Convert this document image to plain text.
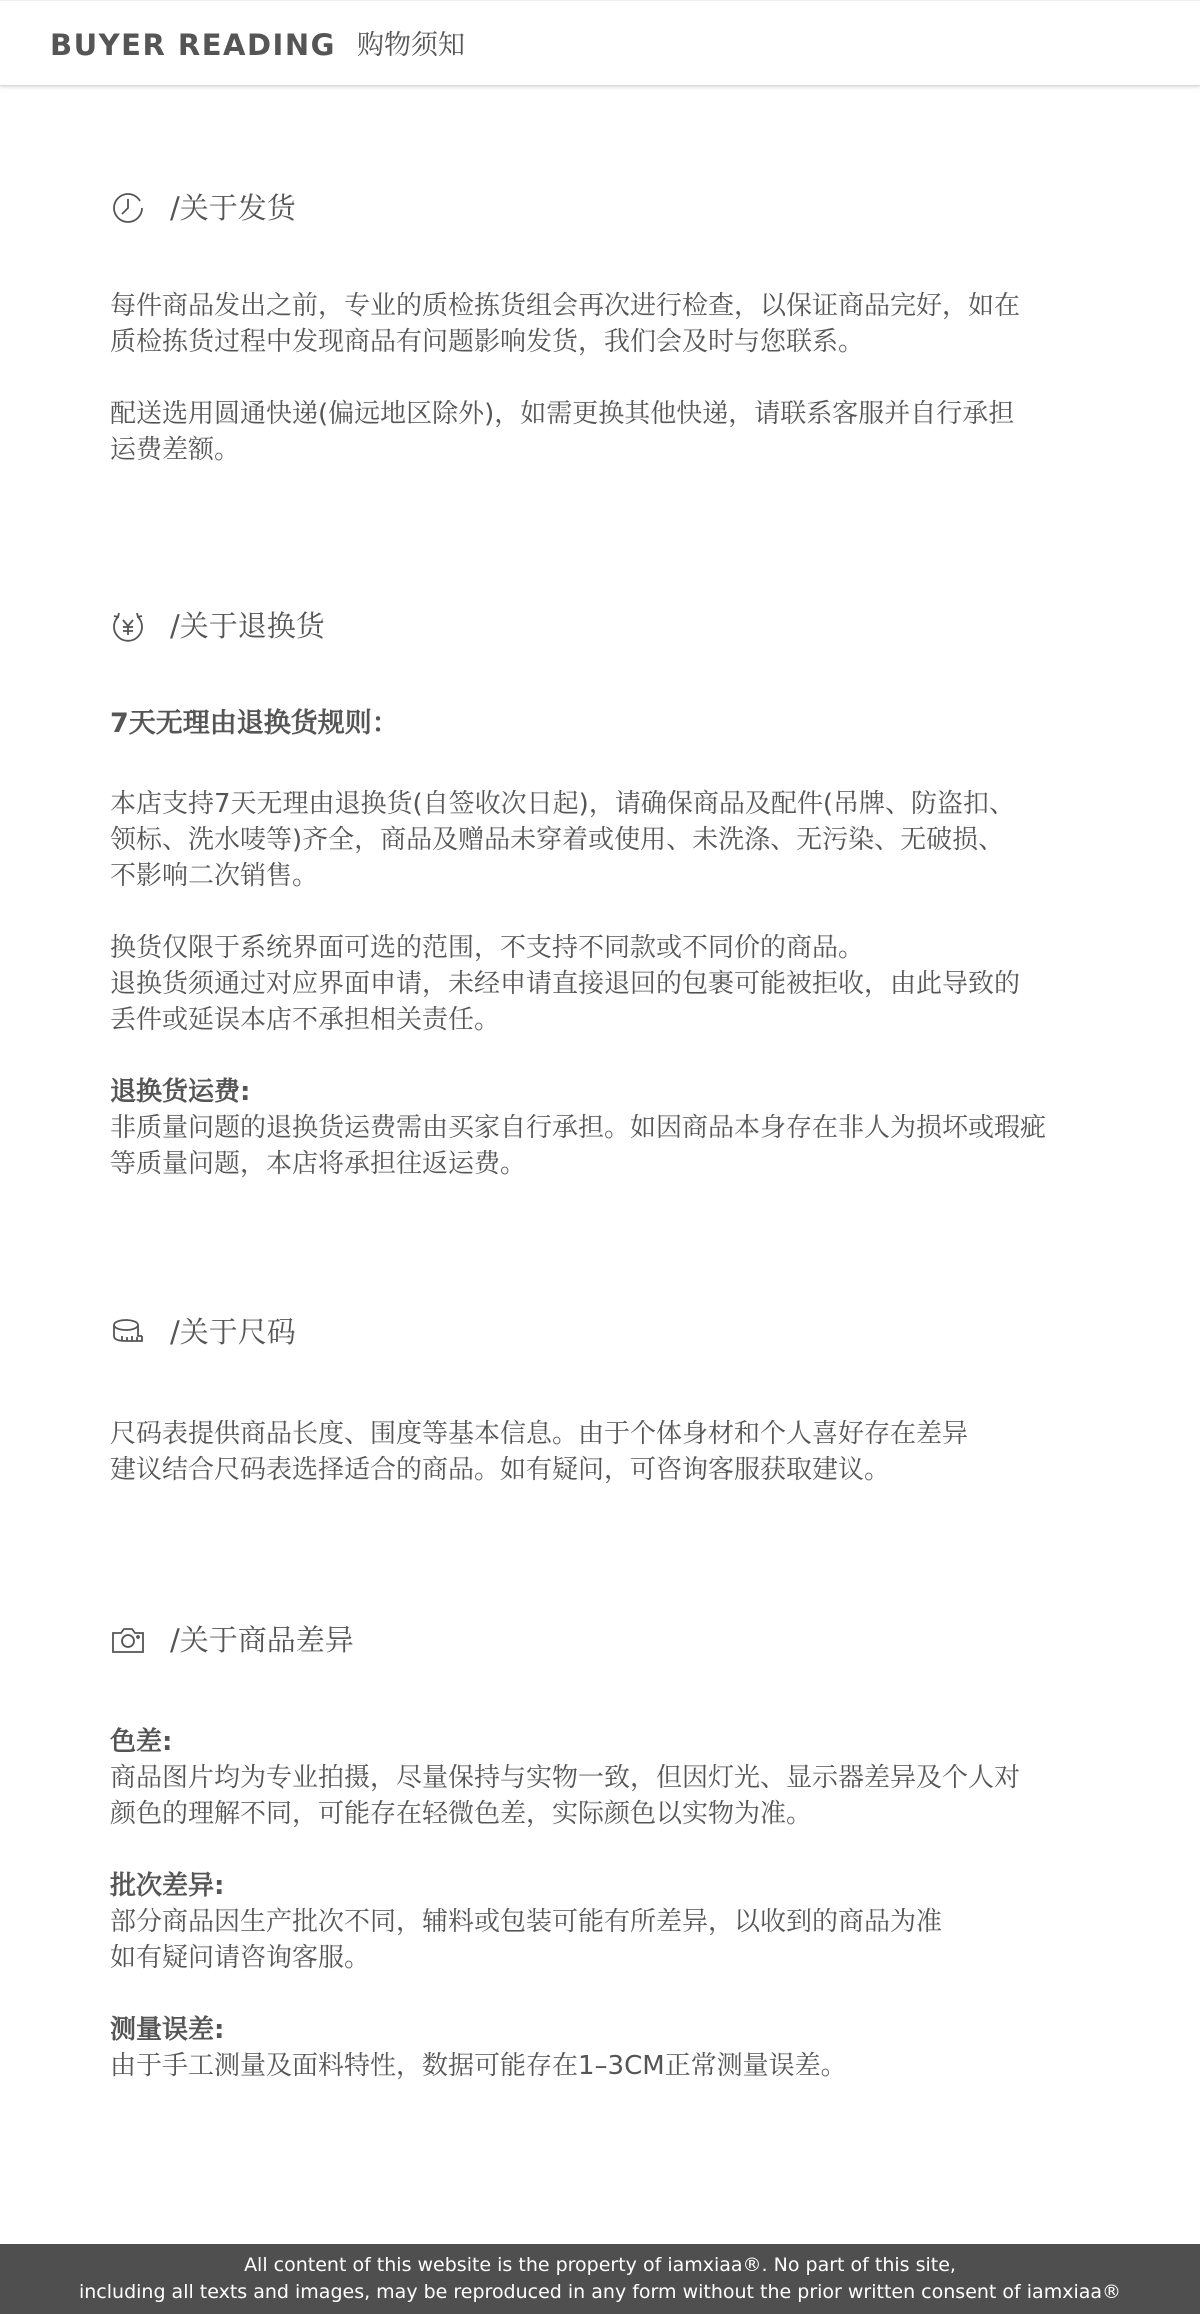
BUYER READING 购物须知
/关于发货
每件商品发出之前，专业的质检拣货组会再次进行检查，以保证商品完好，如在
质检拣货过程中发现商品有问题影响发货，我们会及时与您联系。
配送选用圆通快递(偏远地区除外)，如需更换其他快递，请联系客服并自行承担
运费差额。
/关于退换货
7天无理由退换货规则：
本店支持7天无理由退换货(自签收次日起)，请确保商品及配件(吊牌、防盗扣、
领标、洗水唛等)齐全，商品及赠品未穿着或使用、未洗涤、无污染、无破损、
不影响二次销售。
换货仅限于系统界面可选的范围，不支持不同款或不同价的商品。
退换货须通过对应界面申请，未经申请直接退回的包裹可能被拒收，由此导致的
丢件或延误本店不承担相关责任。
退换货运费:
非质量问题的退换货运费需由买家自行承担。如因商品本身存在非人为损坏或瑕疵
等质量问题，本店将承担往返运费。
/关于尺码
尺码表提供商品长度、围度等基本信息。由于个体身材和个人喜好存在差异
建议结合尺码表选择适合的商品。如有疑问，可咨询客服获取建议。
/关于商品差异
色差:
商品图片均为专业拍摄，尽量保持与实物一致，但因灯光、显示器差异及个人对
颜色的理解不同，可能存在轻微色差，实际颜色以实物为准。
批次差异:
部分商品因生产批次不同，辅料或包装可能有所差异，以收到的商品为准
如有疑问请咨询客服。
测量误差:
由于手工测量及面料特性，数据可能存在1–3CM正常测量误差。
All content of this website is the property of iamxiaa®. No part of this site,
including all texts and images, may be reproduced in any form without the prior written consent of iamxiaa®
